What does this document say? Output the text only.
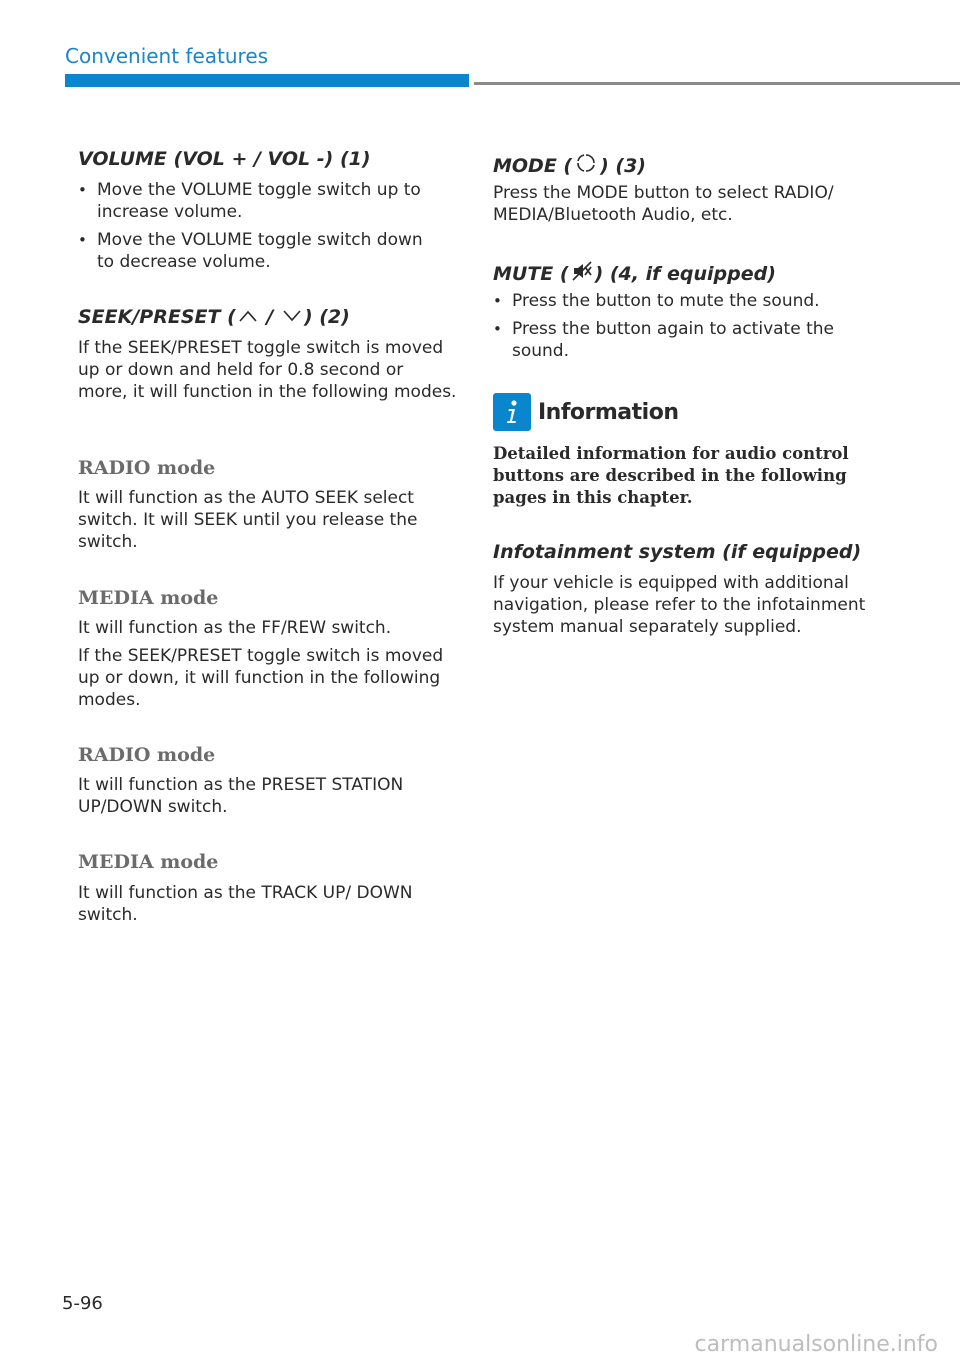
Convenient features
VOLUME (VOL + / VOL -) (1)

• Move the VOLUME toggle switch up to increase volume.

• Move the VOLUME toggle switch down to decrease volume.

SEEK/PRESET ( / ) (2)

If the SEEK/PRESET toggle switch is moved up or down and held for 0.8 second or more, it will function in the following modes.

RADIO mode

It will function as the AUTO SEEK select switch. It will SEEK until you release the switch.

MEDIA mode

It will function as the FF/REW switch.

If the SEEK/PRESET toggle switch is moved up or down, it will function in the following modes.

RADIO mode

It will function as the PRESET STATION UP/DOWN switch.

MEDIA mode

It will function as the TRACK UP/ DOWN switch.

MODE ( ) (3)

Press the MODE button to select RADIO/ MEDIA/Bluetooth Audio, etc.

MUTE ( ) (4, if equipped)

• Press the button to mute the sound.

• Press the button again to activate the sound.

Information

Detailed information for audio control buttons are described in the following pages in this chapter.

Infotainment system (if equipped)

If your vehicle is equipped with additional navigation, please refer to the infotainment system manual separately supplied.

5-96
carmanualsonline.info
